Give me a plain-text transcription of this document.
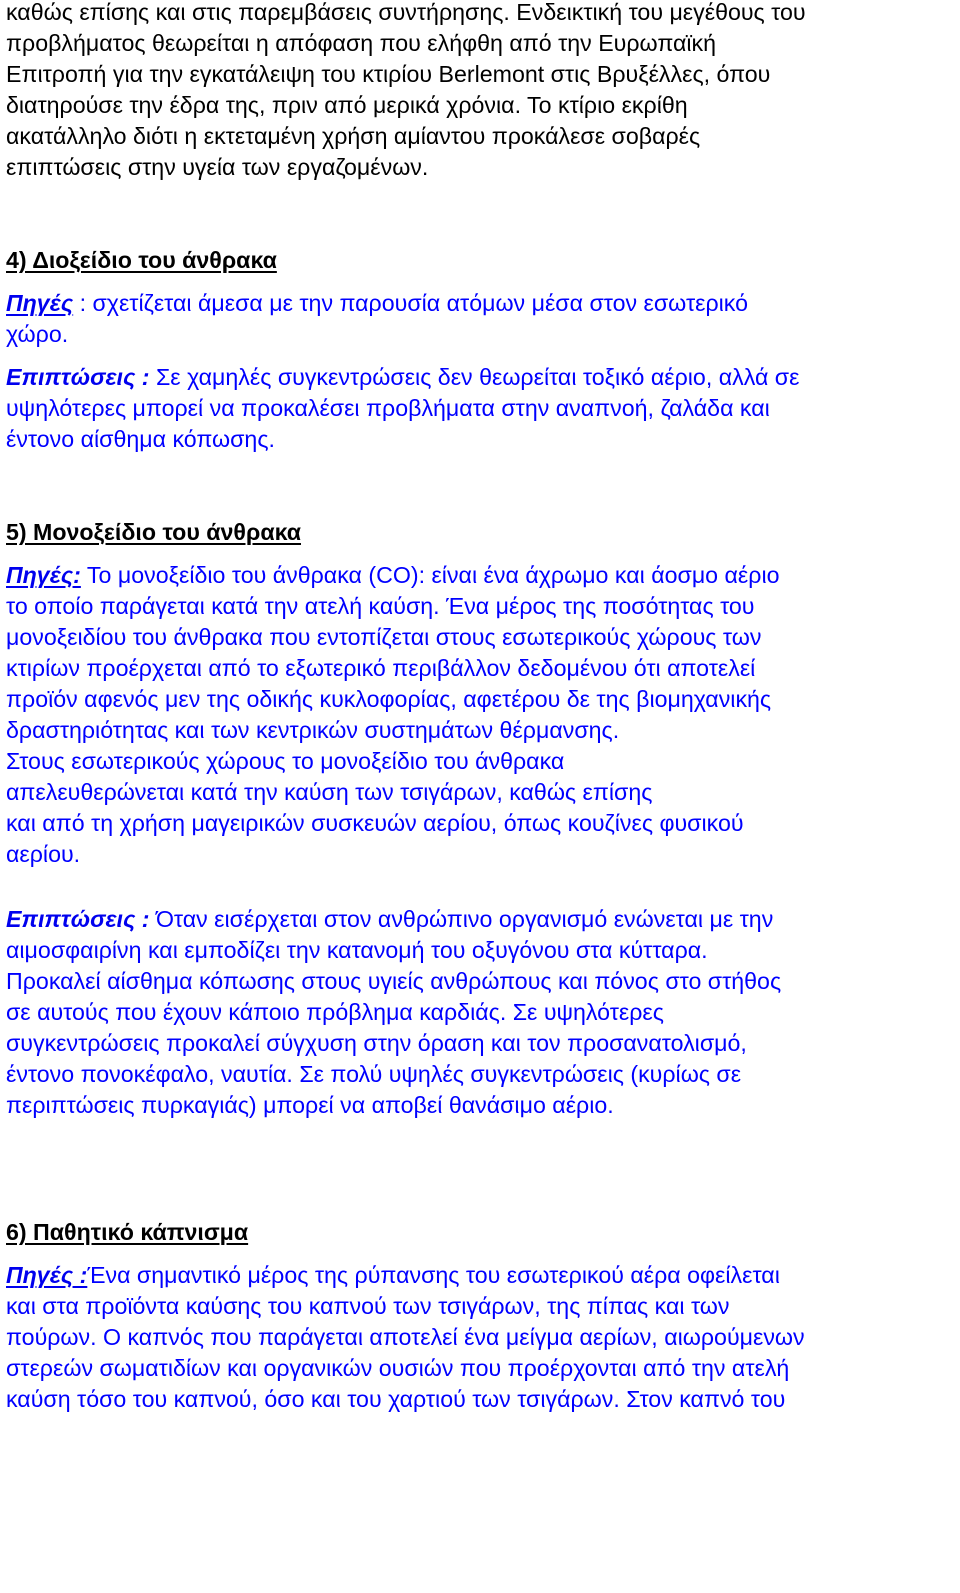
καθώς επίσης και στις παρεμβάσεις συντήρησης. Ενδεικτική του μεγέθους του
προβλήματος θεωρείται η απόφαση που ελήφθη από την Ευρωπαϊκή
Επιτροπή για την εγκατάλειψη του κτιρίου Berlemont στις Βρυξέλλες, όπου
διατηρούσε την έδρα της, πριν από μερικά χρόνια. Το κτίριο εκρίθη
ακατάλληλο διότι η εκτεταμένη χρήση αμίαντου προκάλεσε σοβαρές
επιπτώσεις στην υγεία των εργαζομένων.
4) Διοξείδιο του άνθρακα
Πηγές : σχετίζεται άμεσα με την παρουσία ατόμων μέσα στον εσωτερικό
χώρο.
Επιπτώσεις : Σε χαμηλές συγκεντρώσεις δεν θεωρείται τοξικό αέριο, αλλά σε
υψηλότερες μπορεί να προκαλέσει προβλήματα στην αναπνοή, ζαλάδα και
έντονο αίσθημα κόπωσης.
5) Μονοξείδιο του άνθρακα
Πηγές: Το μονοξείδιο του άνθρακα (CO): είναι ένα άχρωμο και άοσμο αέριο
το οποίο παράγεται κατά την ατελή καύση. Ένα μέρος της ποσότητας του
μονοξειδίου του άνθρακα που εντοπίζεται στους εσωτερικούς χώρους των
κτιρίων προέρχεται από το εξωτερικό περιβάλλον δεδομένου ότι αποτελεί
προϊόν αφενός μεν της οδικής κυκλοφορίας, αφετέρου δε της βιομηχανικής
δραστηριότητας και των κεντρικών συστημάτων θέρμανσης.
Στους εσωτερικούς χώρους το μονοξείδιο του άνθρακα
απελευθερώνεται κατά την καύση των τσιγάρων, καθώς επίσης
και από τη χρήση μαγειρικών συσκευών αερίου, όπως κουζίνες φυσικού
αερίου.
Επιπτώσεις : Όταν εισέρχεται στον ανθρώπινο οργανισμό ενώνεται με την
αιμοσφαιρίνη και εμποδίζει την κατανομή του οξυγόνου στα κύτταρα.
Προκαλεί αίσθημα κόπωσης στους υγιείς ανθρώπους και πόνος στο στήθος
σε αυτούς που έχουν κάποιο πρόβλημα καρδιάς. Σε υψηλότερες
συγκεντρώσεις προκαλεί σύγχυση στην όραση και τον προσανατολισμό,
έντονο πονοκέφαλο, ναυτία. Σε πολύ υψηλές συγκεντρώσεις (κυρίως σε
περιπτώσεις πυρκαγιάς) μπορεί να αποβεί θανάσιμο αέριο.
6) Παθητικό κάπνισμα
Πηγές :Ένα σημαντικό μέρος της ρύπανσης του εσωτερικού αέρα οφείλεται
και στα προϊόντα καύσης του καπνού των τσιγάρων, της πίπας και των
πούρων. Ο καπνός που παράγεται αποτελεί ένα μείγμα αερίων, αιωρούμενων
στερεών σωματιδίων και οργανικών ουσιών που προέρχονται από την ατελή
καύση τόσο του καπνού, όσο και του χαρτιού των τσιγάρων. Στον καπνό του
